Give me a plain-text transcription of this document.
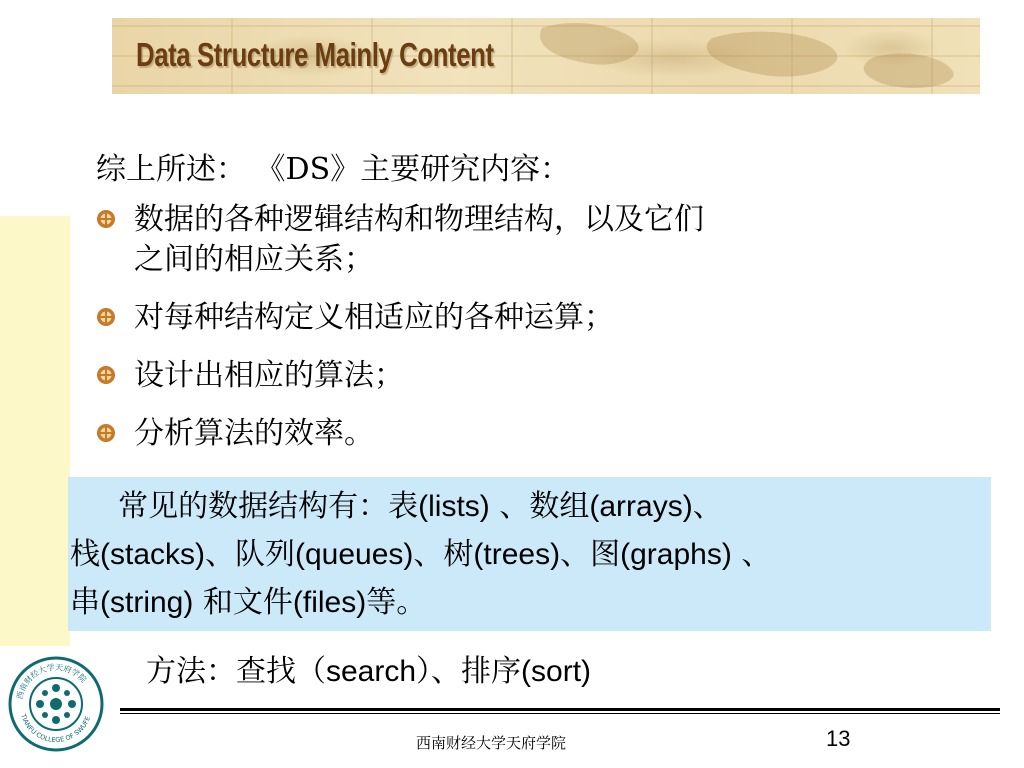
Data Structure Mainly Content
综上所述： 《DS》主要研究内容：
数据的各种逻辑结构和物理结构，以及它们
之间的相应关系；
对每种结构定义相适应的各种运算；
设计出相应的算法；
分析算法的效率。
常见的数据结构有：表(lists) 、数组(arrays)、
栈(stacks)、队列(queues)、树(trees)、图(graphs) 、
串(string) 和文件(files)等。
方法：查找（search）、排序(sort)
西南财经大学天府学院
TIANFU COLLEGE OF SWUFE
西南财经大学天府学院	13
